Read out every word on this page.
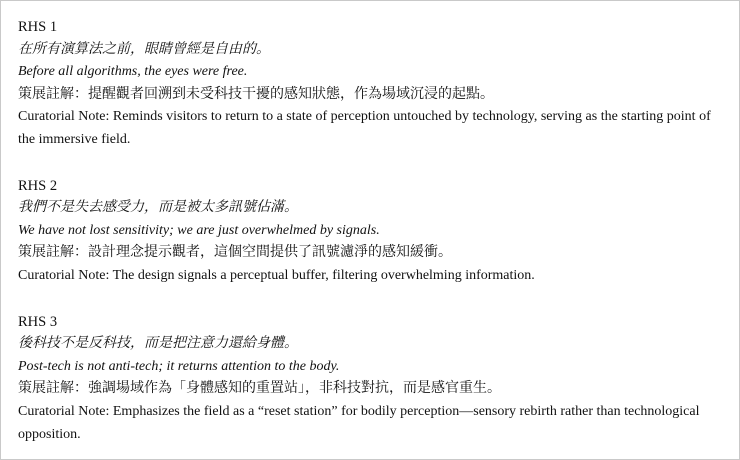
RHS 1
在所有演算法之前，眼睛曾經是自由的。
Before all algorithms, the eyes were free.
策展註解：提醒觀者回溯到未受科技干擾的感知狀態，作為場域沉浸的起點。
Curatorial Note: Reminds visitors to return to a state of perception untouched by technology, serving as the starting point of the immersive field.
RHS 2
我們不是失去感受力，而是被太多訊號佔滿。
We have not lost sensitivity; we are just overwhelmed by signals.
策展註解：設計理念提示觀者，這個空間提供了訊號濾淨的感知緩衝。
Curatorial Note: The design signals a perceptual buffer, filtering overwhelming information.
RHS 3
後科技不是反科技，而是把注意力還給身體。
Post-tech is not anti-tech; it returns attention to the body.
策展註解：強調場域作為「身體感知的重置站」，非科技對抗，而是感官重生。
Curatorial Note: Emphasizes the field as a “reset station” for bodily perception—sensory rebirth rather than technological opposition.
